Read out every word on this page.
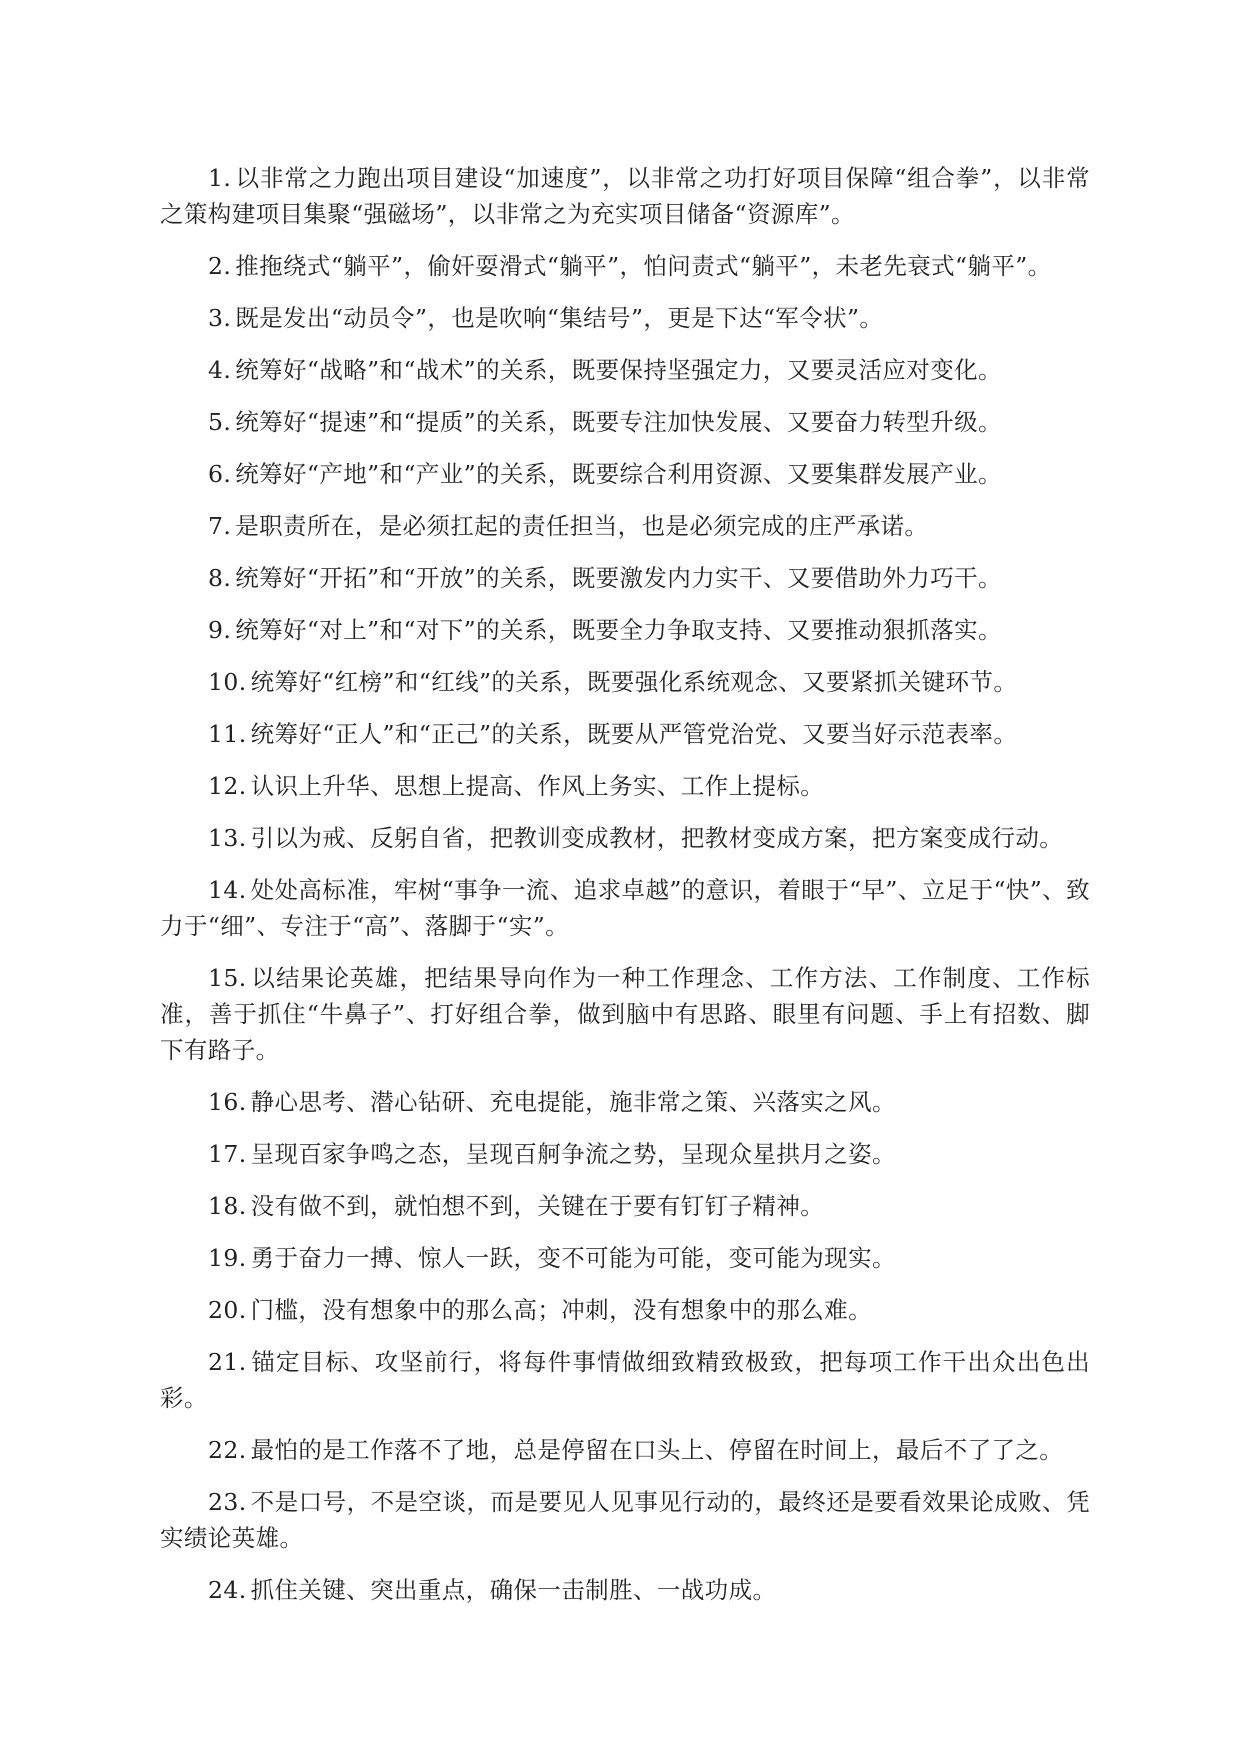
1. 以非常之力跑出项目建设“加速度”，以非常之功打好项目保障“组合拳”，以非常之策构建项目集聚“强磁场”，以非常之为充实项目储备“资源库”。

2. 推拖绕式“躺平”，偷奸耍滑式“躺平”，怕问责式“躺平”，未老先衰式“躺平”。

3. 既是发出“动员令”，也是吹响“集结号”，更是下达“军令状”。

4. 统筹好“战略”和“战术”的关系，既要保持坚强定力，又要灵活应对变化。

5. 统筹好“提速”和“提质”的关系，既要专注加快发展、又要奋力转型升级。

6. 统筹好“产地”和“产业”的关系，既要综合利用资源、又要集群发展产业。

7. 是职责所在，是必须扛起的责任担当，也是必须完成的庄严承诺。

8. 统筹好“开拓”和“开放”的关系，既要激发内力实干、又要借助外力巧干。

9. 统筹好“对上”和“对下”的关系，既要全力争取支持、又要推动狠抓落实。

10. 统筹好“红榜”和“红线”的关系，既要强化系统观念、又要紧抓关键环节。

11. 统筹好“正人”和“正己”的关系，既要从严管党治党、又要当好示范表率。

12. 认识上升华、思想上提高、作风上务实、工作上提标。

13. 引以为戒、反躬自省，把教训变成教材，把教材变成方案，把方案变成行动。

14. 处处高标准，牢树“事争一流、追求卓越”的意识，着眼于“早”、立足于“快”、致力于“细”、专注于“高”、落脚于“实”。

15. 以结果论英雄，把结果导向作为一种工作理念、工作方法、工作制度、工作标准，善于抓住“牛鼻子”、打好组合拳，做到脑中有思路、眼里有问题、手上有招数、脚下有路子。

16. 静心思考、潜心钻研、充电提能，施非常之策、兴落实之风。

17. 呈现百家争鸣之态，呈现百舸争流之势，呈现众星拱月之姿。

18. 没有做不到，就怕想不到，关键在于要有钉钉子精神。

19. 勇于奋力一搏、惊人一跃，变不可能为可能，变可能为现实。

20. 门槛，没有想象中的那么高；冲刺，没有想象中的那么难。

21. 锚定目标、攻坚前行，将每件事情做细致精致极致，把每项工作干出众出色出彩。

22. 最怕的是工作落不了地，总是停留在口头上、停留在时间上，最后不了了之。

23. 不是口号，不是空谈，而是要见人见事见行动的，最终还是要看效果论成败、凭实绩论英雄。

24. 抓住关键、突出重点，确保一击制胜、一战功成。
